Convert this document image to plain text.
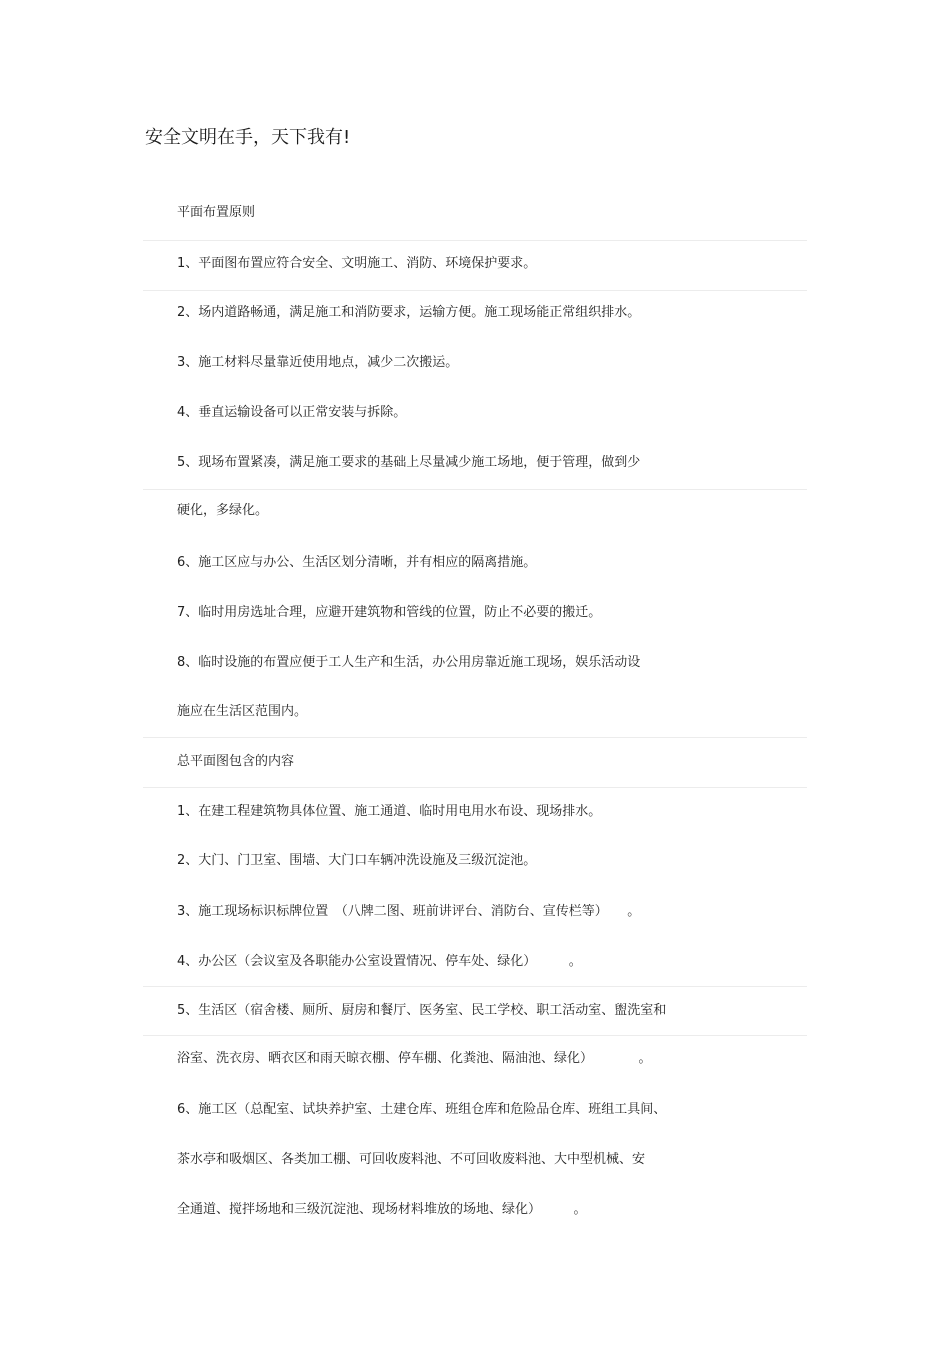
安全文明在手，天下我有!
平面布置原则
1、平面图布置应符合安全、文明施工、消防、环境保护要求。
2、场内道路畅通，满足施工和消防要求，运输方便。施工现场能正常组织排水。
3、施工材料尽量靠近使用地点，减少二次搬运。
4、垂直运输设备可以正常安装与拆除。
5、现场布置紧凑，满足施工要求的基础上尽量减少施工场地，便于管理，做到少
硬化，多绿化。
6、施工区应与办公、生活区划分清晰，并有相应的隔离措施。
7、临时用房选址合理，应避开建筑物和管线的位置，防止不必要的搬迁。
8、临时设施的布置应便于工人生产和生活，办公用房靠近施工现场，娱乐活动设
施应在生活区范围内。
总平面图包含的内容
1、在建工程建筑物具体位置、施工通道、临时用电用水布设、现场排水。
2、大门、门卫室、围墙、大门口车辆冲洗设施及三级沉淀池。
3、施工现场标识标牌位置　（八牌二图、班前讲评台、消防台、宣传栏等）　　。
4、办公区（会议室及各职能办公室设置情况、停车处、绿化）　　　。
5、生活区（宿舍楼、厕所、厨房和餐厅、医务室、民工学校、职工活动室、盥洗室和
浴室、洗衣房、晒衣区和雨天晾衣棚、停车棚、化粪池、隔油池、绿化）　　　　。
6、施工区（总配室、试块养护室、土建仓库、班组仓库和危险品仓库、班组工具间、
茶水亭和吸烟区、各类加工棚、可回收废料池、不可回收废料池、大中型机械、安
全通道、搅拌场地和三级沉淀池、现场材料堆放的场地、绿化）　　　。
